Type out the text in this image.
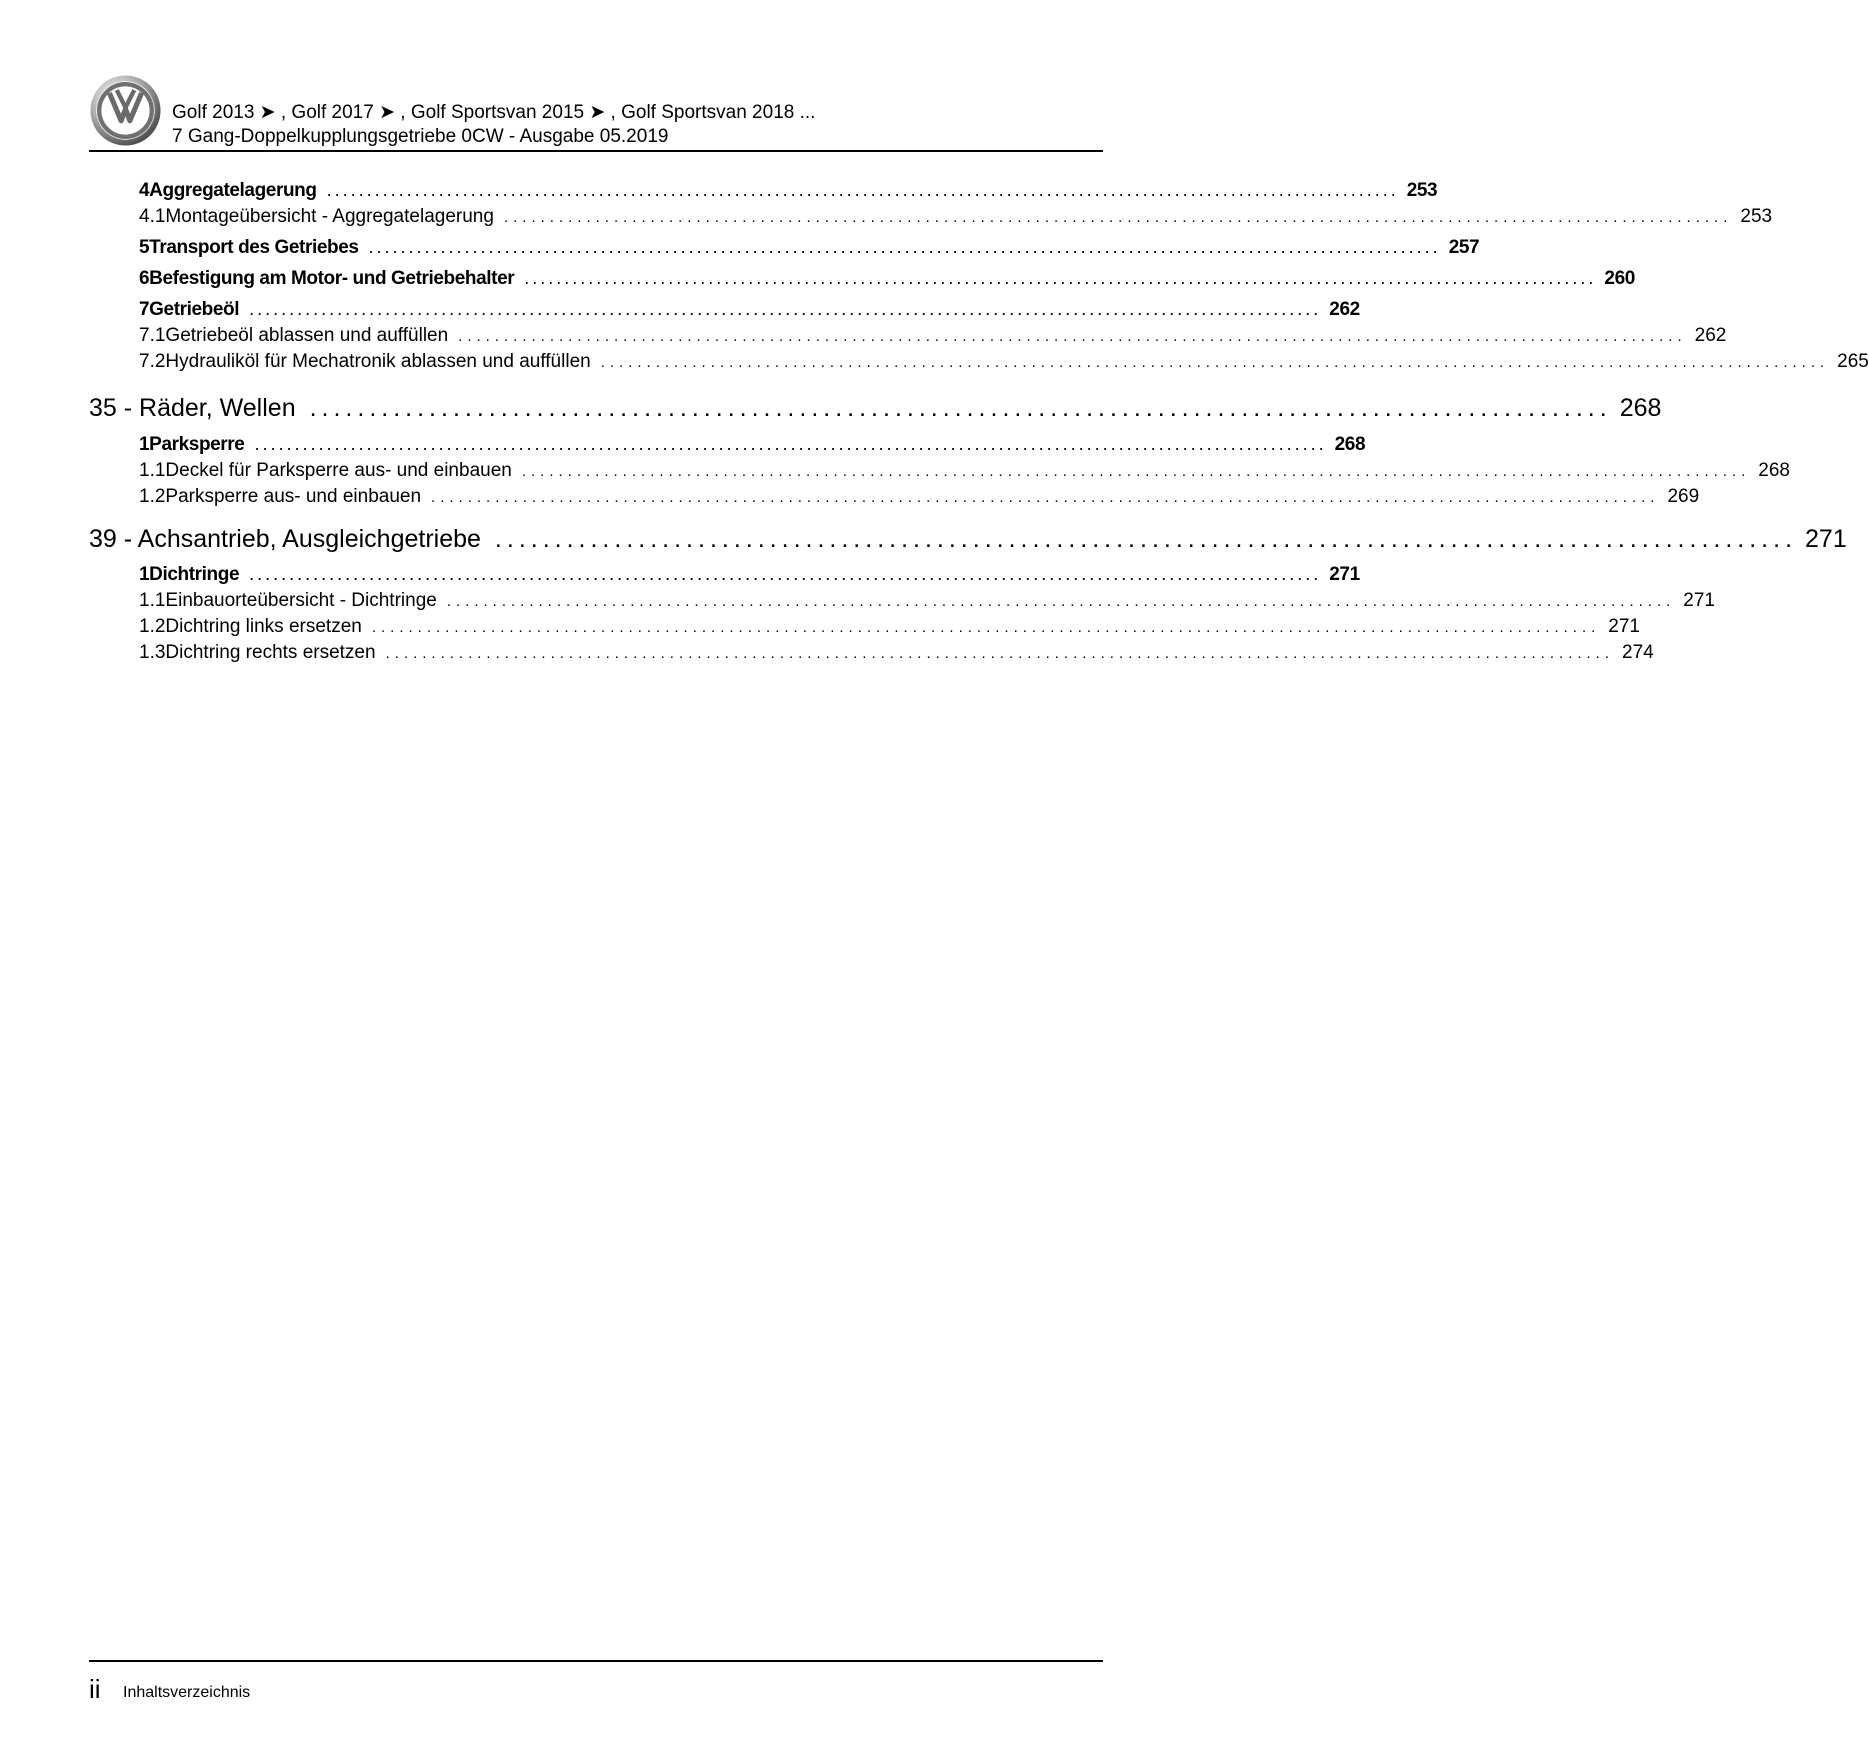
Golf 2013 ➤ , Golf 2017 ➤ , Golf Sportsvan 2015 ➤ , Golf Sportsvan 2018 ...
7 Gang-Doppelkupplungsgetriebe 0CW - Ausgabe 05.2019
4 Aggregatelagerung ...................................................................................................................................... 253
4.1 Montageübersicht - Aggregatelagerung ...................................................................................................................................... 253
5 Transport des Getriebes ...................................................................................................................................... 257
6 Befestigung am Motor- und Getriebehalter ...................................................................................................................................... 260
7 Getriebeöl ...................................................................................................................................... 262
7.1 Getriebeöl ablassen und auffüllen ...................................................................................................................................... 262
7.2 Hydrauliköl für Mechatronik ablassen und auffüllen ...................................................................................................................................... 265
35 - Räder, Wellen ............................................................................................................. 268
1 Parksperre ...................................................................................................................................... 268
1.1 Deckel für Parksperre aus- und einbauen ...................................................................................................................................... 268
1.2 Parksperre aus- und einbauen ...................................................................................................................................... 269
39 - Achsantrieb, Ausgleichgetriebe ............................................................................................................. 271
1 Dichtringe ...................................................................................................................................... 271
1.1 Einbauorteübersicht - Dichtringe ...................................................................................................................................... 271
1.2 Dichtring links ersetzen ...................................................................................................................................... 271
1.3 Dichtring rechts ersetzen ...................................................................................................................................... 274
ii Inhaltsverzeichnis
